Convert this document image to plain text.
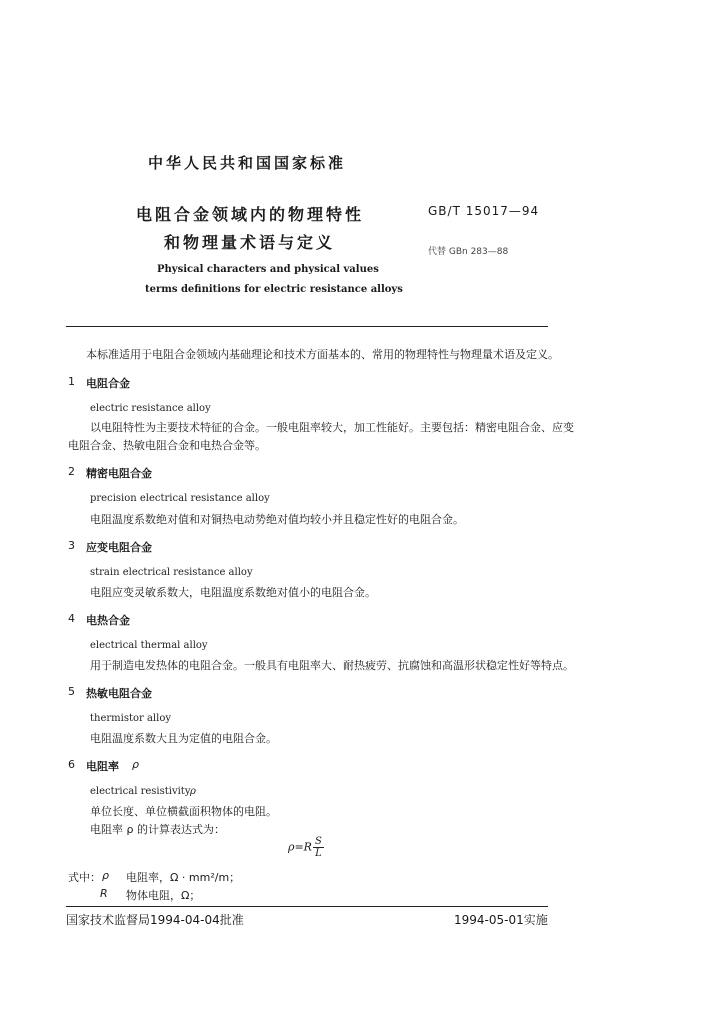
中华人民共和国国家标准
电阻合金领域内的物理特性
和物理量术语与定义
GB/T 15017—94
代替 GBn 283—88
Physical characters and physical values
terms definitions for electric resistance alloys
本标准适用于电阻合金领域内基础理论和技术方面基本的、常用的物理特性与物理量术语及定义。
1 电阻合金
electric resistance alloy
以电阻特性为主要技术特征的合金。一般电阻率较大，加工性能好。主要包括：精密电阻合金、应变
电阻合金、热敏电阻合金和电热合金等。
2 精密电阻合金
precision electrical resistance alloy
电阻温度系数绝对值和对铜热电动势绝对值均较小并且稳定性好的电阻合金。
3 应变电阻合金
strain electrical resistance alloy
电阻应变灵敏系数大，电阻温度系数绝对值小的电阻合金。
4 电热合金
electrical thermal alloy
用于制造电发热体的电阻合金。一般具有电阻率大、耐热疲劳、抗腐蚀和高温形状稳定性好等特点。
5 热敏电阻合金
thermistor alloy
电阻温度系数大且为定值的电阻合金。
6 电阻率 ρ
electrical resistivity ρ
单位长度、单位横截面积物体的电阻。
电阻率 ρ 的计算表达式为：
$\rho=R \frac{S}{L}$
式中： ρ 电阻率，Ω · mm²/m；
R 物体电阻，Ω；
国家技术监督局1994-04-04批准	1994-05-01实施
